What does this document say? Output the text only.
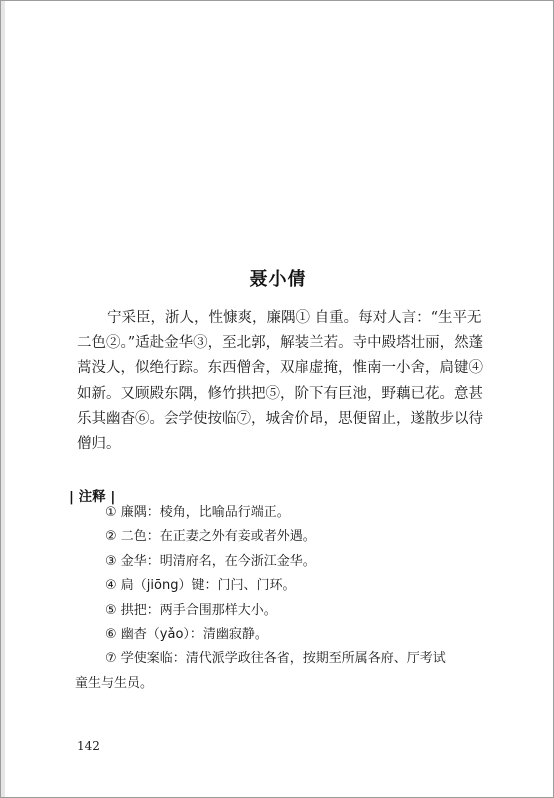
聂小倩
宁采臣，浙人，性慷爽，廉隅① 自重。每对人言：“生平无
二色②。”适赴金华③，至北郭，解装兰若。寺中殿塔壮丽，然蓬
蒿没人，似绝行踪。东西僧舍，双扉虚掩，惟南一小舍，扃键④
如新。又顾殿东隅，修竹拱把⑤，阶下有巨池，野藕已花。意甚
乐其幽杳⑥。会学使按临⑦，城舍价昂，思便留止，遂散步以待
僧归。
| 注释 |
① 廉隅：棱角，比喻品行端正。
② 二色：在正妻之外有妾或者外遇。
③ 金华：明清府名，在今浙江金华。
④ 扃（jiōng）键：门闩、门环。
⑤ 拱把：两手合围那样大小。
⑥ 幽杳（yǎo）：清幽寂静。
⑦ 学使案临：清代派学政往各省，按期至所属各府、厅考试
童生与生员。
142
